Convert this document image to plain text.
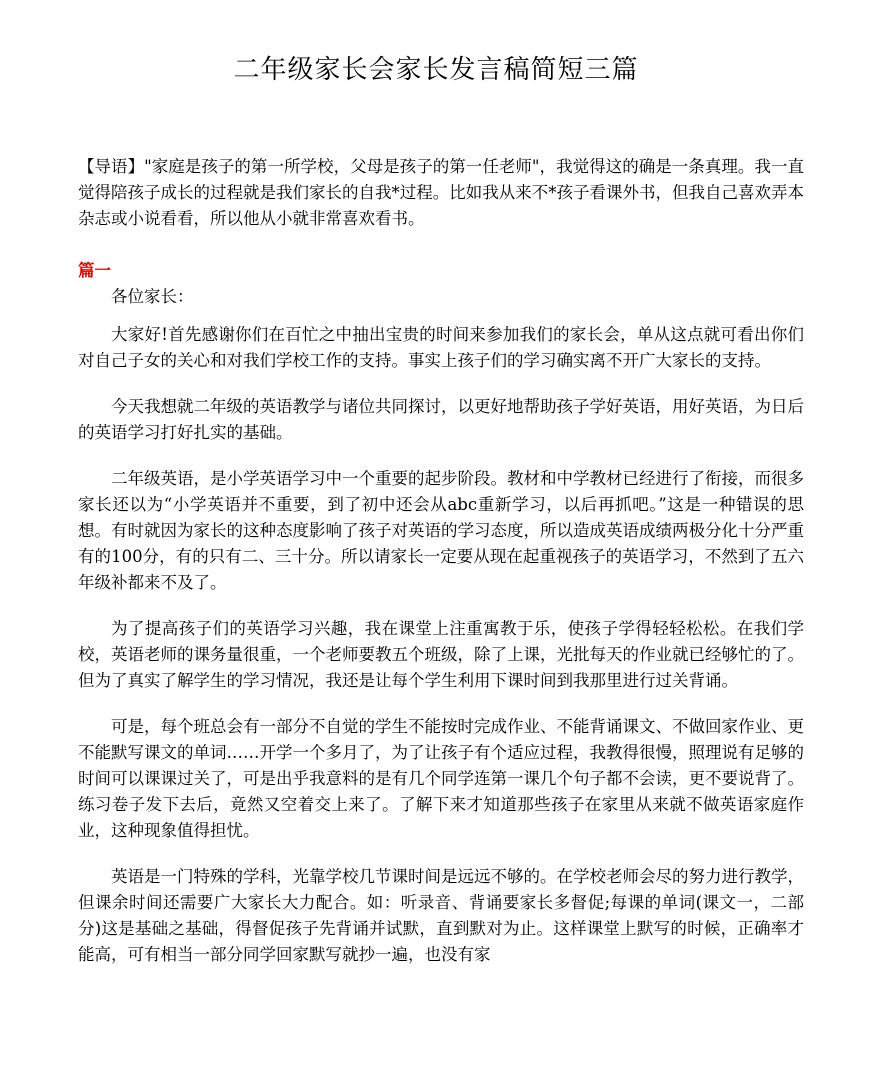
二年级家长会家长发言稿简短三篇

【导语】"家庭是孩子的第一所学校，父母是孩子的第一任老师"，我觉得这的确是一条真理。我一直觉得陪孩子成长的过程就是我们家长的自我*过程。比如我从来不*孩子看课外书，但我自己喜欢弄本杂志或小说看看，所以他从小就非常喜欢看书。

篇一

各位家长：

大家好!首先感谢你们在百忙之中抽出宝贵的时间来参加我们的家长会，单从这点就可看出你们对自己子女的关心和对我们学校工作的支持。事实上孩子们的学习确实离不开广大家长的支持。

今天我想就二年级的英语教学与诸位共同探讨，以更好地帮助孩子学好英语，用好英语，为日后的英语学习打好扎实的基础。

二年级英语，是小学英语学习中一个重要的起步阶段。教材和中学教材已经进行了衔接，而很多家长还以为“小学英语并不重要，到了初中还会从abc重新学习，以后再抓吧。”这是一种错误的思想。有时就因为家长的这种态度影响了孩子对英语的学习态度，所以造成英语成绩两极分化十分严重有的100分，有的只有二、三十分。所以请家长一定要从现在起重视孩子的英语学习，不然到了五六年级补都来不及了。

为了提高孩子们的英语学习兴趣，我在课堂上注重寓教于乐，使孩子学得轻轻松松。在我们学校，英语老师的课务量很重，一个老师要教五个班级，除了上课，光批每天的作业就已经够忙的了。但为了真实了解学生的学习情况，我还是让每个学生利用下课时间到我那里进行过关背诵。

可是，每个班总会有一部分不自觉的学生不能按时完成作业、不能背诵课文、不做回家作业、更不能默写课文的单词……开学一个多月了，为了让孩子有个适应过程，我教得很慢，照理说有足够的时间可以课课过关了，可是出乎我意料的是有几个同学连第一课几个句子都不会读，更不要说背了。练习卷子发下去后，竟然又空着交上来了。了解下来才知道那些孩子在家里从来就不做英语家庭作业，这种现象值得担忧。

英语是一门特殊的学科，光靠学校几节课时间是远远不够的。在学校老师会尽的努力进行教学，但课余时间还需要广大家长大力配合。如：听录音、背诵要家长多督促;每课的单词(课文一，二部分)这是基础之基础，得督促孩子先背诵并试默，直到默对为止。这样课堂上默写的时候，正确率才能高，可有相当一部分同学回家默写就抄一遍，也没有家
